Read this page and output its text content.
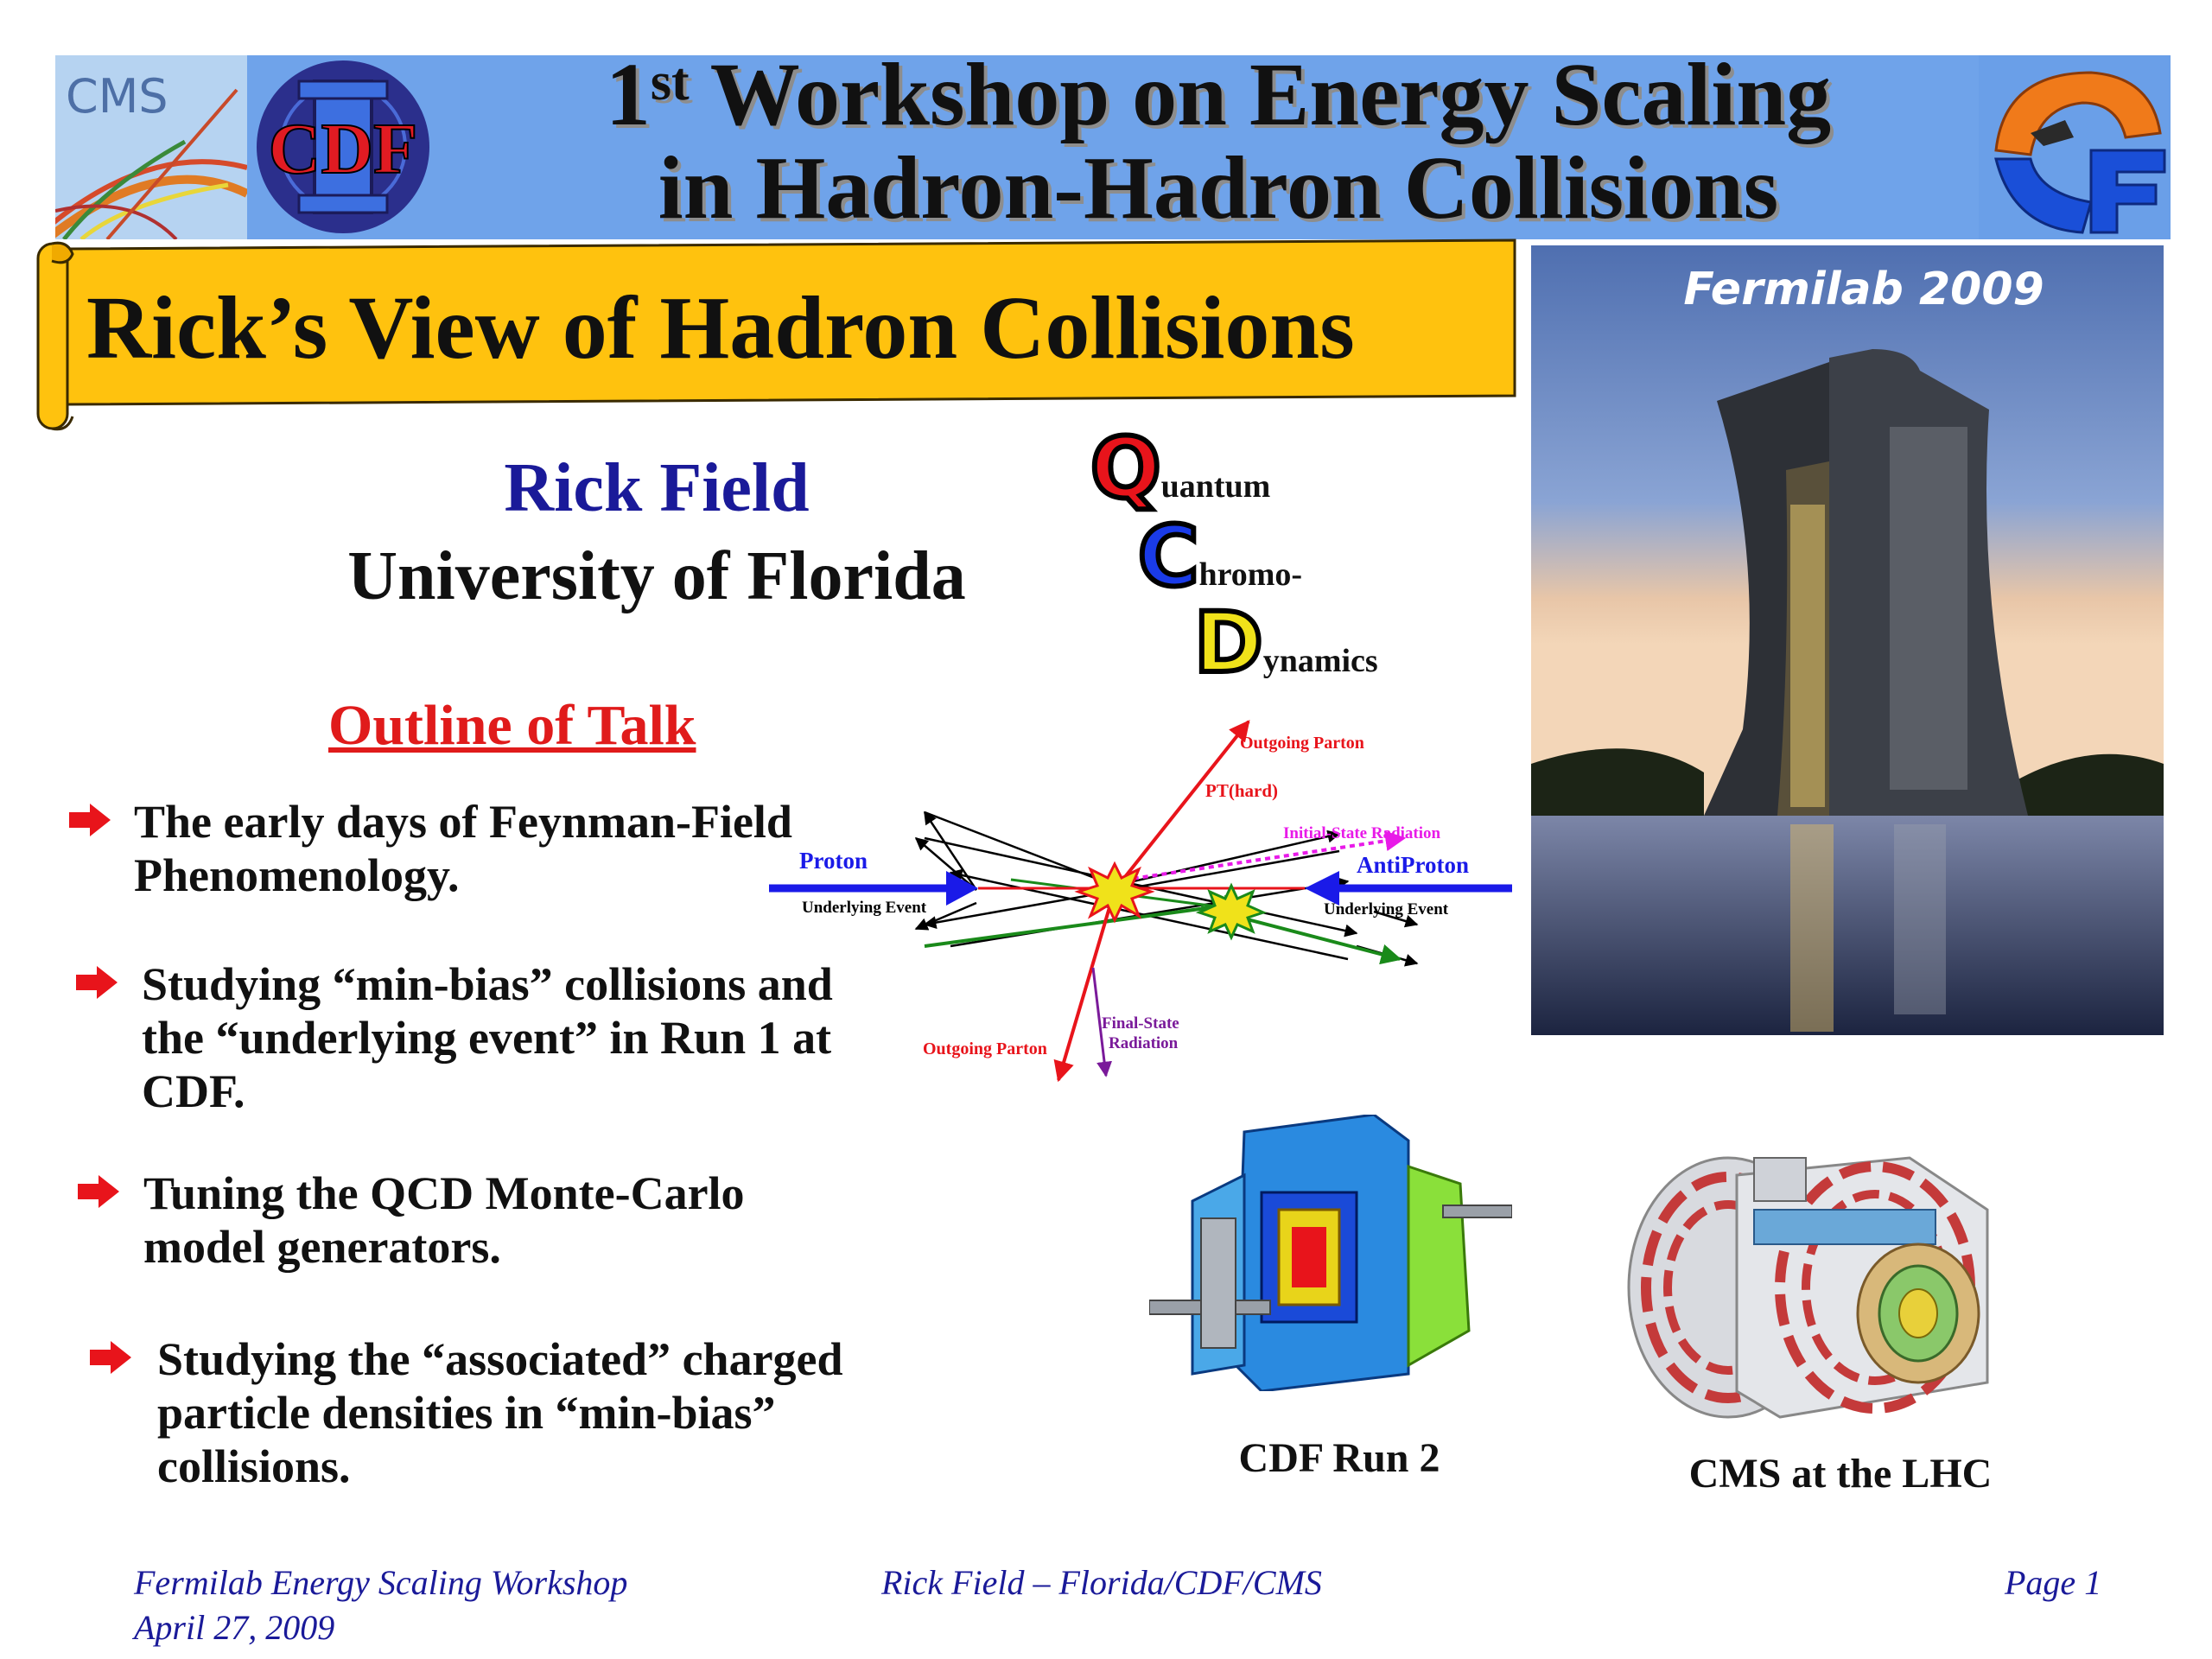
CMS
CDF
1st Workshop on Energy Scaling
in Hadron-Hadron Collisions
Rick’s View of Hadron Collisions
Rick Field
University of Florida
Quantum
Chromo-
Dynamics
Outline of Talk
The early days of Feynman-Field
Phenomenology.
Studying “min-bias” collisions and
the “underlying event” in Run 1 at
CDF.
Tuning the QCD Monte-Carlo
model generators.
Studying the “associated” charged
particle densities in “min-bias”
collisions.
Fermilab 2009
Outgoing Parton
PT(hard)
Initial-State Radiation
Proton	AntiProton
Underlying Event	Underlying Event
Final-State
Radiation
Outgoing Parton
CDF Run 2	CMS at the LHC
Fermilab Energy Scaling Workshop
April 27, 2009
Rick Field – Florida/CDF/CMS	Page 1
